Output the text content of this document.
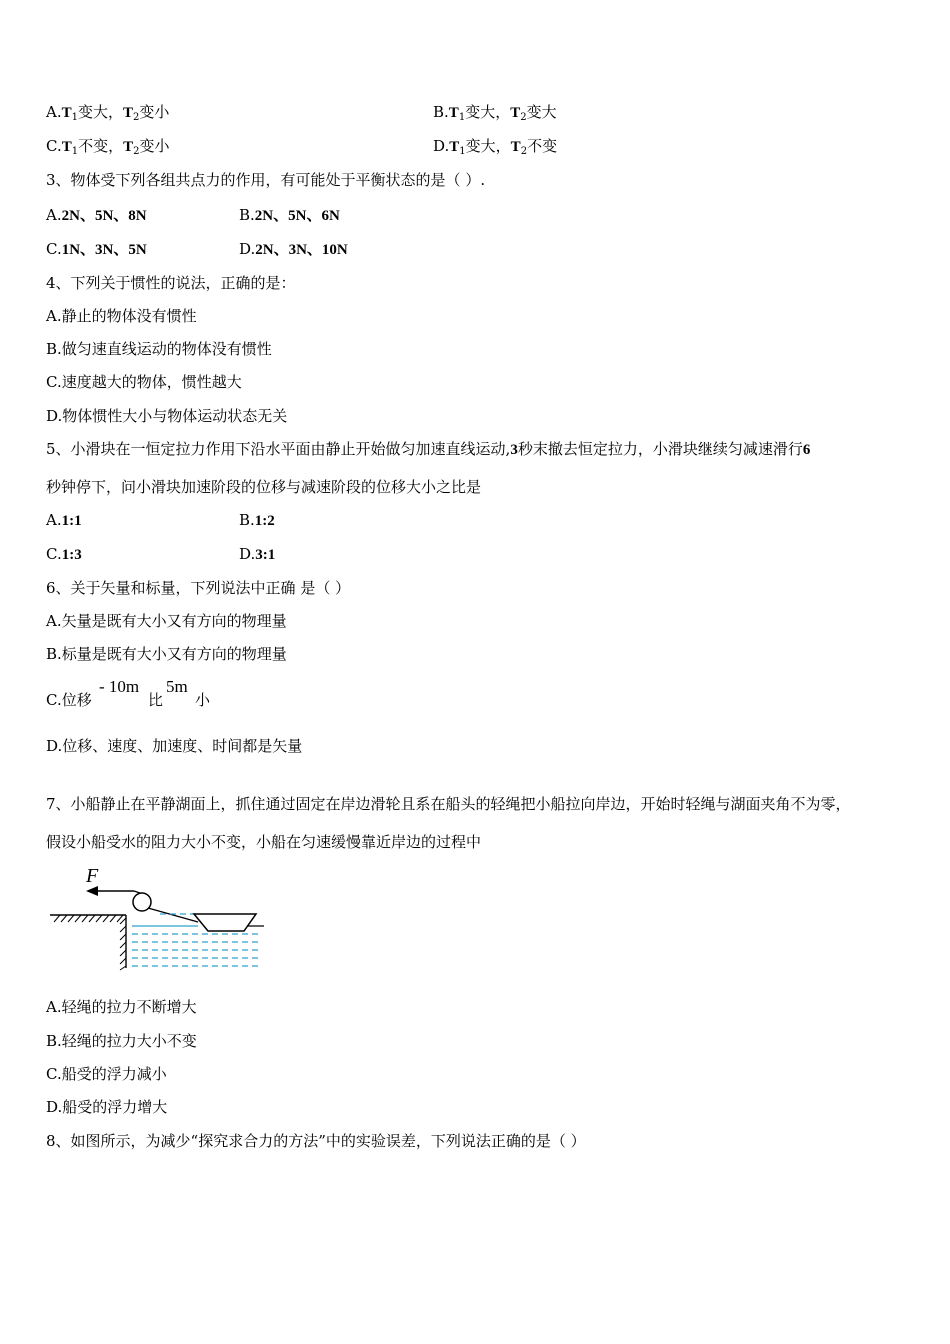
$A.T_1$变大，$T_2$变小	$B.T_1$变大，$T_2$变大
$C.T_1$不变，$T_2$变小	$D.T_1$变大，$T_2$不变
3、物体受下列各组共点力的作用，有可能处于平衡状态的是（ ）.
A.2N、5N、8N	B.2N、5N、6N
C.1N、3N、5N	D.2N、3N、10N
4、下列关于惯性的说法，正确的是：
A.静止的物体没有惯性
B.做匀速直线运动的物体没有惯性
C.速度越大的物体，惯性越大
D.物体惯性大小与物体运动状态无关
5、小滑块在一恒定拉力作用下沿水平面由静止开始做匀加速直线运动,3秒末撤去恒定拉力，小滑块继续匀减速滑行6
秒钟停下，问小滑块加速阶段的位移与减速阶段的位移大小之比是
A.1:1	B.1:2
C.1:3	D.3:1
6、关于矢量和标量，下列说法中正确 是（ ）
A.矢量是既有大小又有方向的物理量
B.标量是既有大小又有方向的物理量
C.位移
- 10m
比
5m
小
D.位移、速度、加速度、时间都是矢量
7、小船静止在平静湖面上，抓住通过固定在岸边滑轮且系在船头的轻绳把小船拉向岸边，开始时轻绳与湖面夹角不为零，
假设小船受水的阻力大小不变，小船在匀速缓慢靠近岸边的过程中
F
A.轻绳的拉力不断增大
B.轻绳的拉力大小不变
C.船受的浮力减小
D.船受的浮力增大
8、如图所示，为减少“探究求合力的方法”中的实验误差，下列说法正确的是（ ）
